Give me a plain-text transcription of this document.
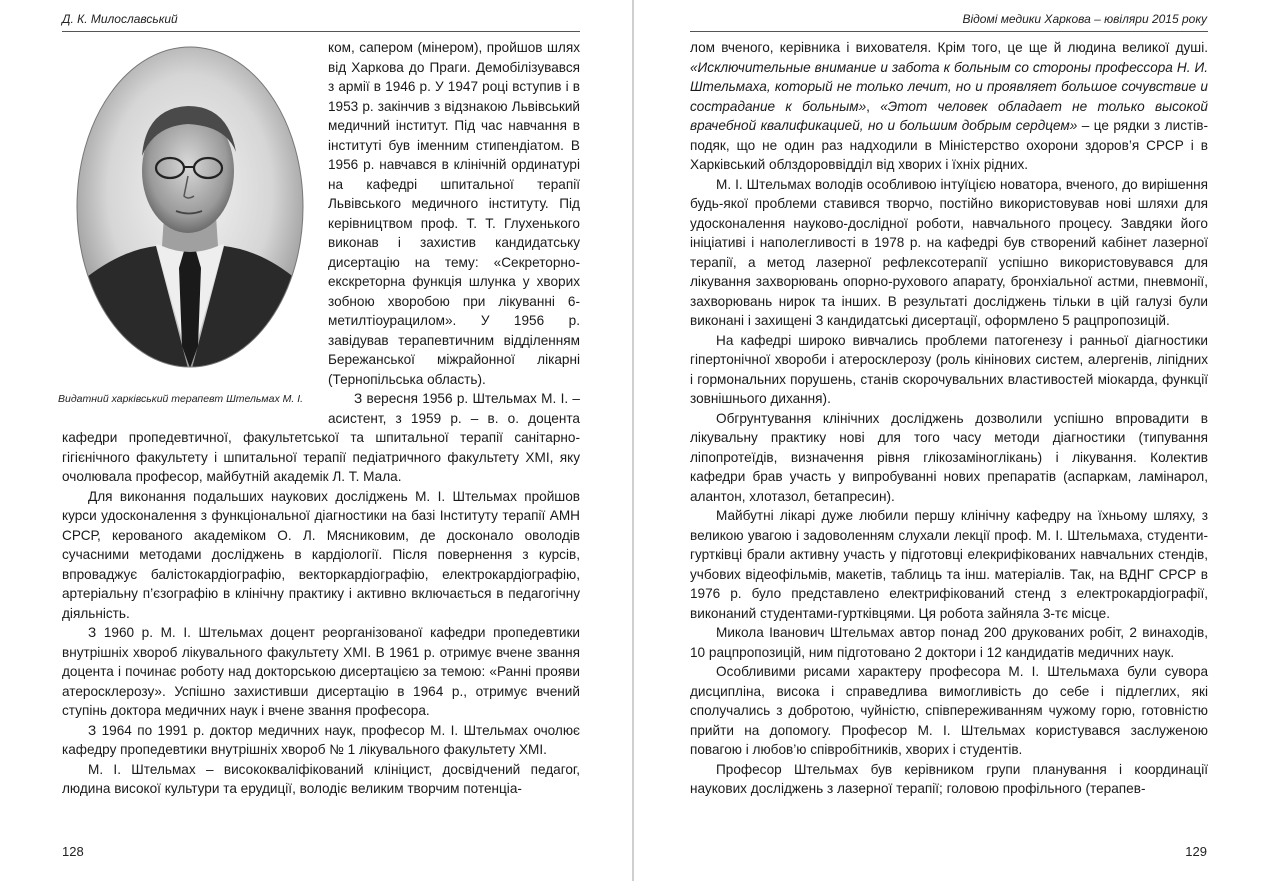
Д. К. Милославський
Видатний харківський терапевт Штельмах М. І.

ком, сапером (мінером), пройшов шлях від Харкова до Праги. Демобілізувався з армії в 1946 р. У 1947 році вступив і в 1953 р. закінчив з відзнакою Львівський медичний інститут. Під час навчання в інституті був іменним стипендіатом. В 1956 р. навчався в клінічній ординатурі на кафедрі шпитальної терапії Львівського медичного інституту. Під керівництвом проф. Т. Т. Глухенького виконав і захистив кандидатську дисертацію на тему: «Секреторно-екскреторна функція шлунка у хворих зобною хворобою при лікуванні 6-метилтіоурацилом». У 1956 р. завідував терапевтичним відділенням Бережанської міжрайонної лікарні (Тернопільська область).

З вересня 1956 р. Штельмах М. І. – асистент, з 1959 р. – в. о. доцента кафедри пропедевтичної, факультетської та шпитальної терапії санітарно-гігієнічного факультету і шпитальної терапії педіатричного факультету ХМІ, яку очолювала професор, майбутній академік Л. Т. Мала.

Для виконання подальших наукових досліджень М. І. Штельмах пройшов курси удосконалення з функціональної діагностики на базі Інституту терапії АМН СРСР, керованого академіком О. Л. Мясниковим, де досконало оволодів сучасними методами досліджень в кардіології. Після повернення з курсів, впроваджує балістокардіографію, векторкардіографію, електрокардіографію, артеріальну п’єзографію в клінічну практику і активно включається в педагогічну діяльність.

З 1960 р. М. І. Штельмах доцент реорганізованої кафедри пропедевтики внутрішніх хвороб лікувального факультету ХМІ. В 1961 р. отримує вчене звання доцента і починає роботу над докторською дисертацією за темою: «Ранні прояви атеросклерозу». Успішно захистивши дисертацію в 1964 р., отримує вчений ступінь доктора медичних наук і вчене звання професора.

З 1964 по 1991 р. доктор медичних наук, професор М. І. Штельмах очолює кафедру пропедевтики внутрішніх хвороб № 1 лікувального факультету ХМІ.

М. І. Штельмах – висококваліфікований клініцист, досвідчений педагог, людина високої культури та ерудиції, володіє великим творчим потенціа-

128
Відомі медики Харкова – ювіляри 2015 року

лом вченого, керівника і вихователя. Крім того, це ще й людина великої душі. «Исключительные внимание и забота к больным со стороны профессора Н. И. Штельмаха, который не только лечит, но и проявляет большое сочувствие и сострадание к больным», «Этот человек обладает не только высокой врачебной квалификацией, но и большим добрым сердцем» – це рядки з листів-подяк, що не один раз надходили в Міністерство охорони здоров’я СРСР і в Харківський облздороввідділ від хворих і їхніх рідних.

М. І. Штельмах володів особливою інтуїцією новатора, вченого, до вирішення будь-якої проблеми ставився творчо, постійно використовував нові шляхи для удосконалення науково-дослідної роботи, навчального процесу. Завдяки його ініціативі і наполегливості в 1978 р. на кафедрі був створений кабінет лазерної терапії, а метод лазерної рефлексотерапії успішно використовувався для лікування захворювань опорно-рухового апарату, бронхіальної астми, пневмонії, захворювань нирок та інших. В результаті досліджень тільки в цій галузі були виконані і захищені 3 кандидатські дисертації, оформлено 5 рацпропозицій.

На кафедрі широко вивчались проблеми патогенезу і ранньої діагностики гіпертонічної хвороби і атеросклерозу (роль кінінових систем, алергенів, ліпідних і гормональних порушень, станів скорочувальних властивостей міокарда, функції зовнішнього дихання).

Обгрунтування клінічних досліджень дозволили успішно впровадити в лікувальну практику нові для того часу методи діагностики (типування ліпопротеїдів, визначення рівня глікозаміноглікань) і лікування. Колектив кафедри брав участь у випробуванні нових препаратів (аспаркам, ламінарол, алантон, хлотазол, бетапресин).

Майбутні лікарі дуже любили першу клінічну кафедру на їхньому шляху, з великою увагою і задоволенням слухали лекції проф. М. І. Штельмаха, студенти-гуртківці брали активну участь у підготовці елекрифікованих навчальних стендів, учбових відеофільмів, макетів, таблиць та інш. матеріалів. Так, на ВДНГ СРСР в 1976 р. було представлено електрифікований стенд з електрокардіографії, виконаний студентами-гуртківцями. Ця робота зайняла 3-тє місце.

Микола Іванович Штельмах автор понад 200 друкованих робіт, 2 винаходів, 10 рацпропозицій, ним підготовано 2 доктори і 12 кандидатів медичних наук.

Особливими рисами характеру професора М. І. Штельмаха були сувора дисципліна, висока і справедлива вимогливість до себе і підлеглих, які сполучались з добротою, чуйністю, співпереживанням чужому горю, готовністю прийти на допомогу. Професор М. І. Штельмах користувався заслуженою повагою і любов’ю співробітників, хворих і студентів.

Професор Штельмах був керівником групи планування і координації наукових досліджень з лазерної терапії; головою профільного (терапев-

129
